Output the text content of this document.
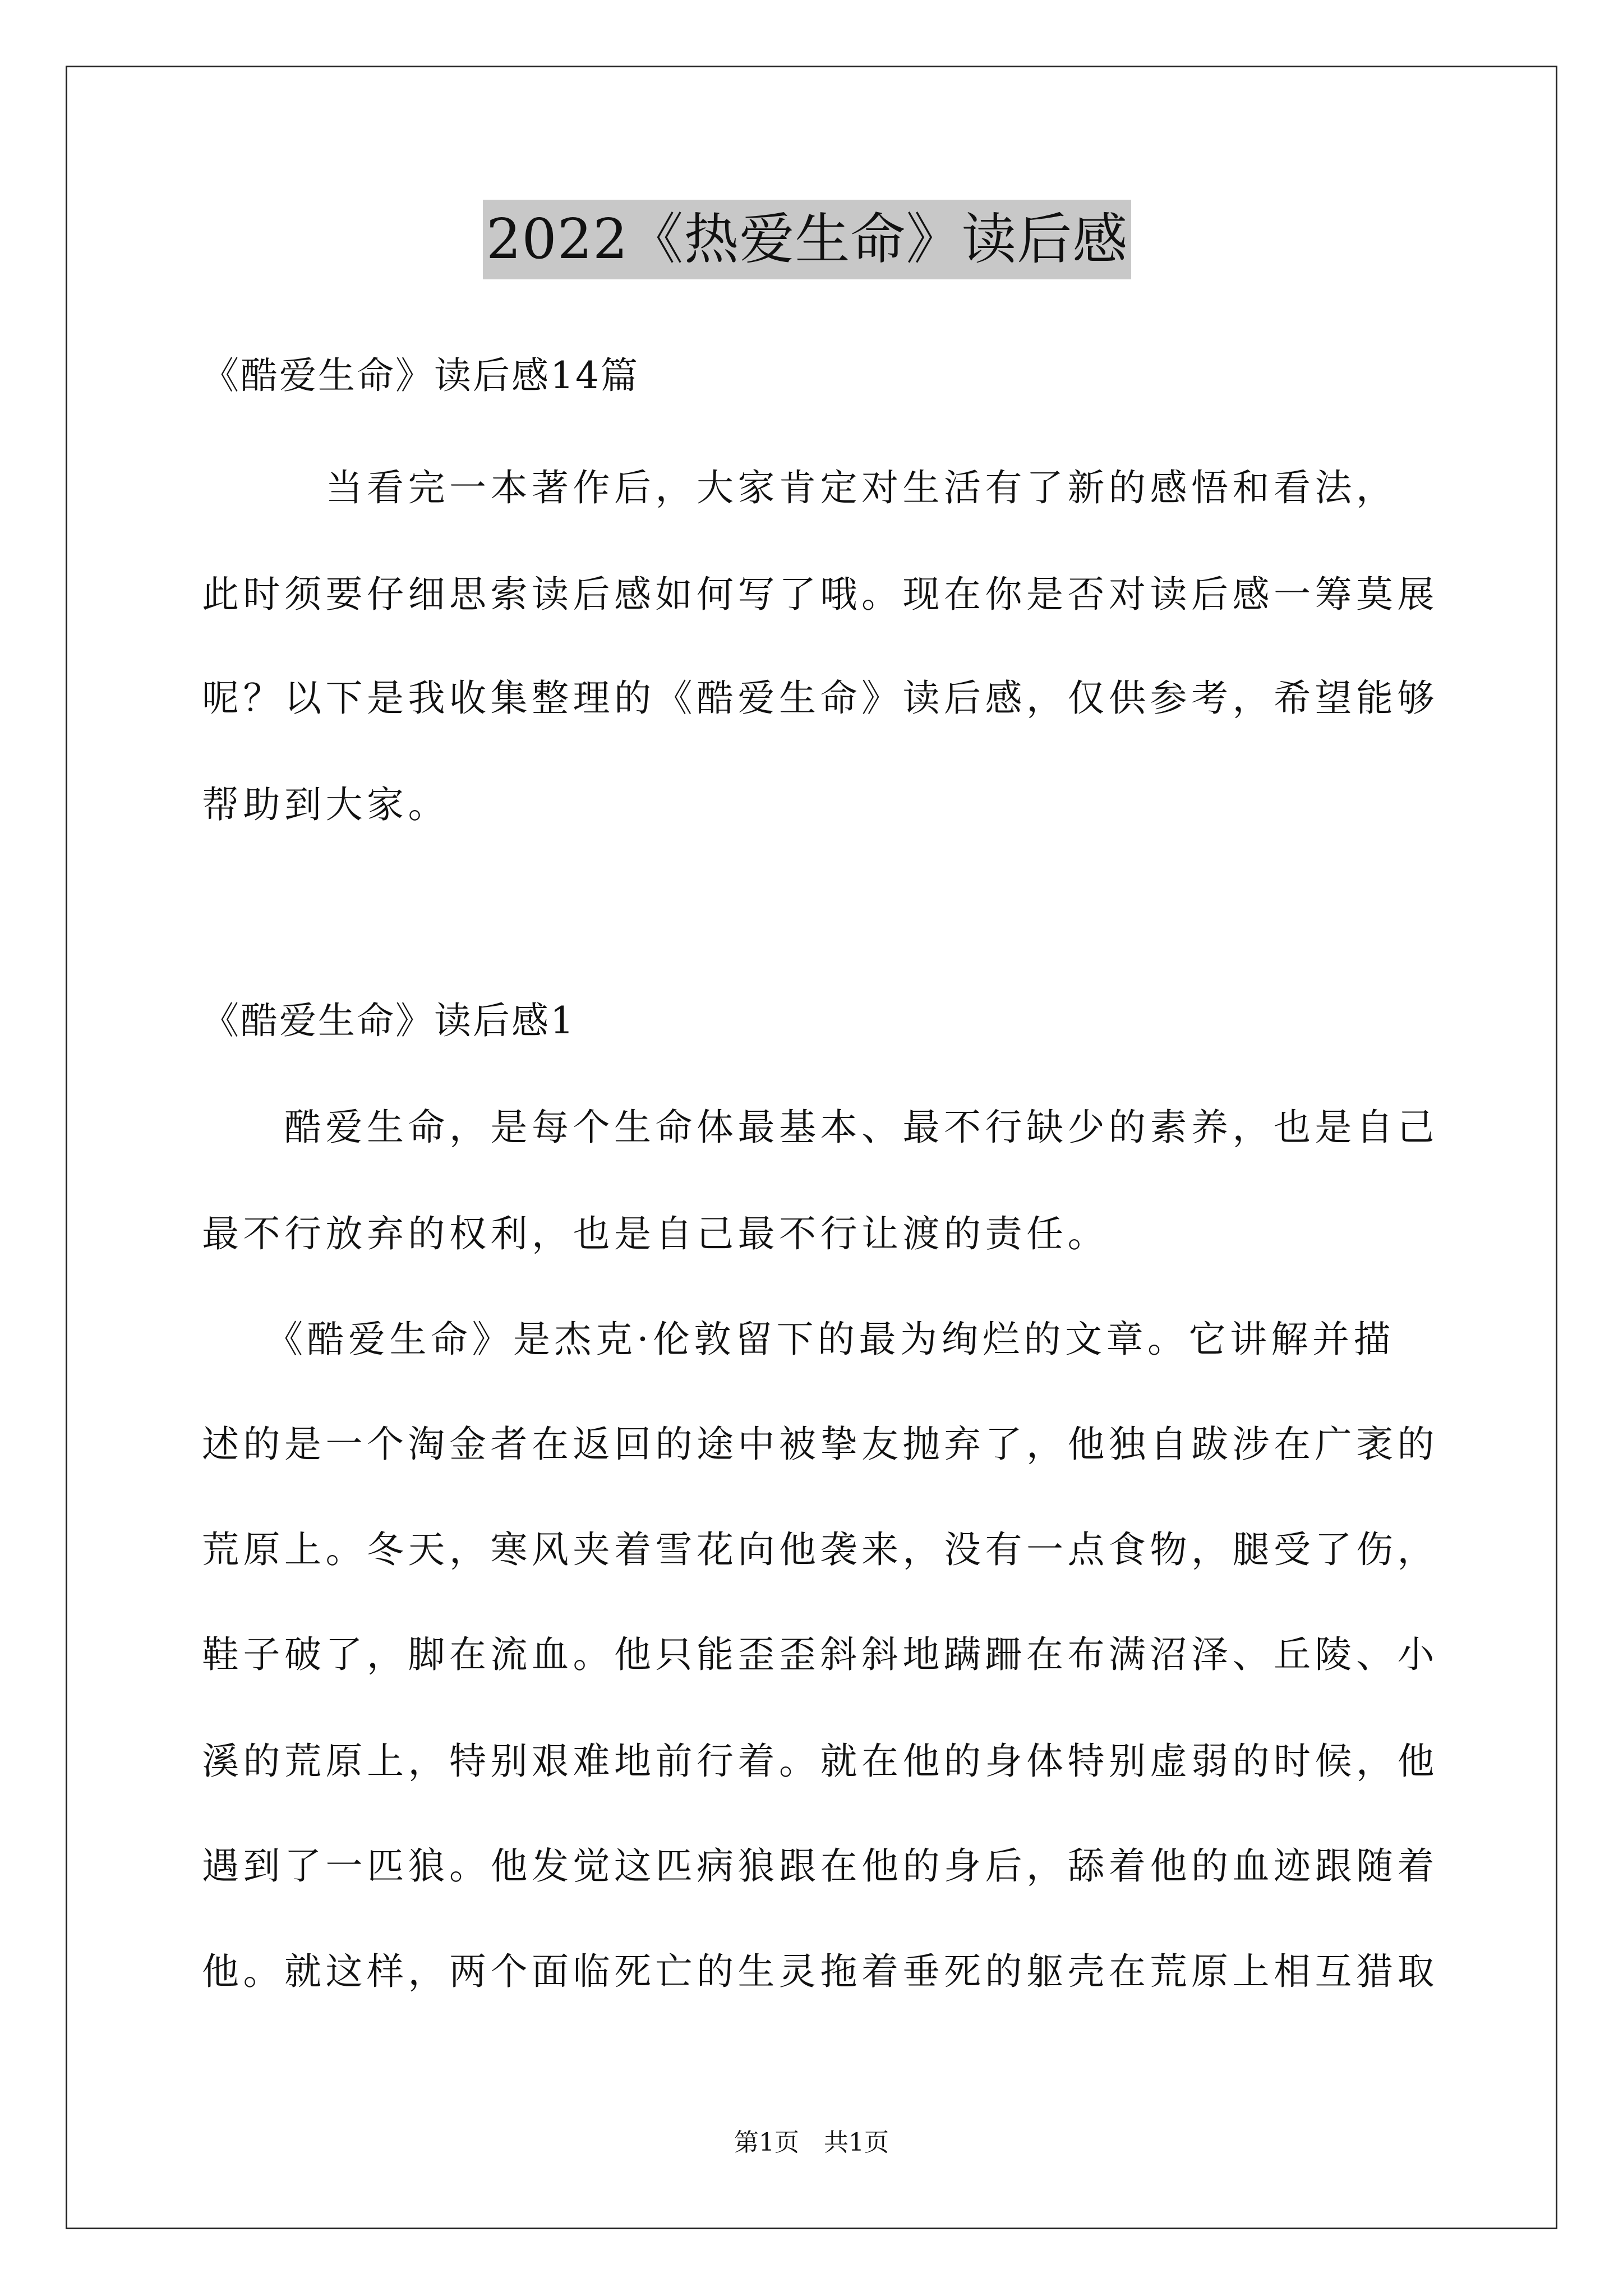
2022《热爱生命》读后感
《酷爱生命》读后感14篇
　　　当看完一本著作后，大家肯定对生活有了新的感悟和看法，
此时须要仔细思索读后感如何写了哦。现在你是否对读后感一筹莫展
呢？以下是我收集整理的《酷爱生命》读后感，仅供参考，希望能够
帮助到大家。
《酷爱生命》读后感1
　　酷爱生命，是每个生命体最基本、最不行缺少的素养，也是自己
最不行放弃的权利，也是自己最不行让渡的责任。
　　《酷爱生命》是杰克·伦敦留下的最为绚烂的文章。它讲解并描
述的是一个淘金者在返回的途中被挚友抛弃了，他独自跋涉在广袤的
荒原上。冬天，寒风夹着雪花向他袭来，没有一点食物，腿受了伤，
鞋子破了，脚在流血。他只能歪歪斜斜地蹒跚在布满沼泽、丘陵、小
溪的荒原上，特别艰难地前行着。就在他的身体特别虚弱的时候，他
遇到了一匹狼。他发觉这匹病狼跟在他的身后，舔着他的血迹跟随着
他。就这样，两个面临死亡的生灵拖着垂死的躯壳在荒原上相互猎取
第1页　共1页
